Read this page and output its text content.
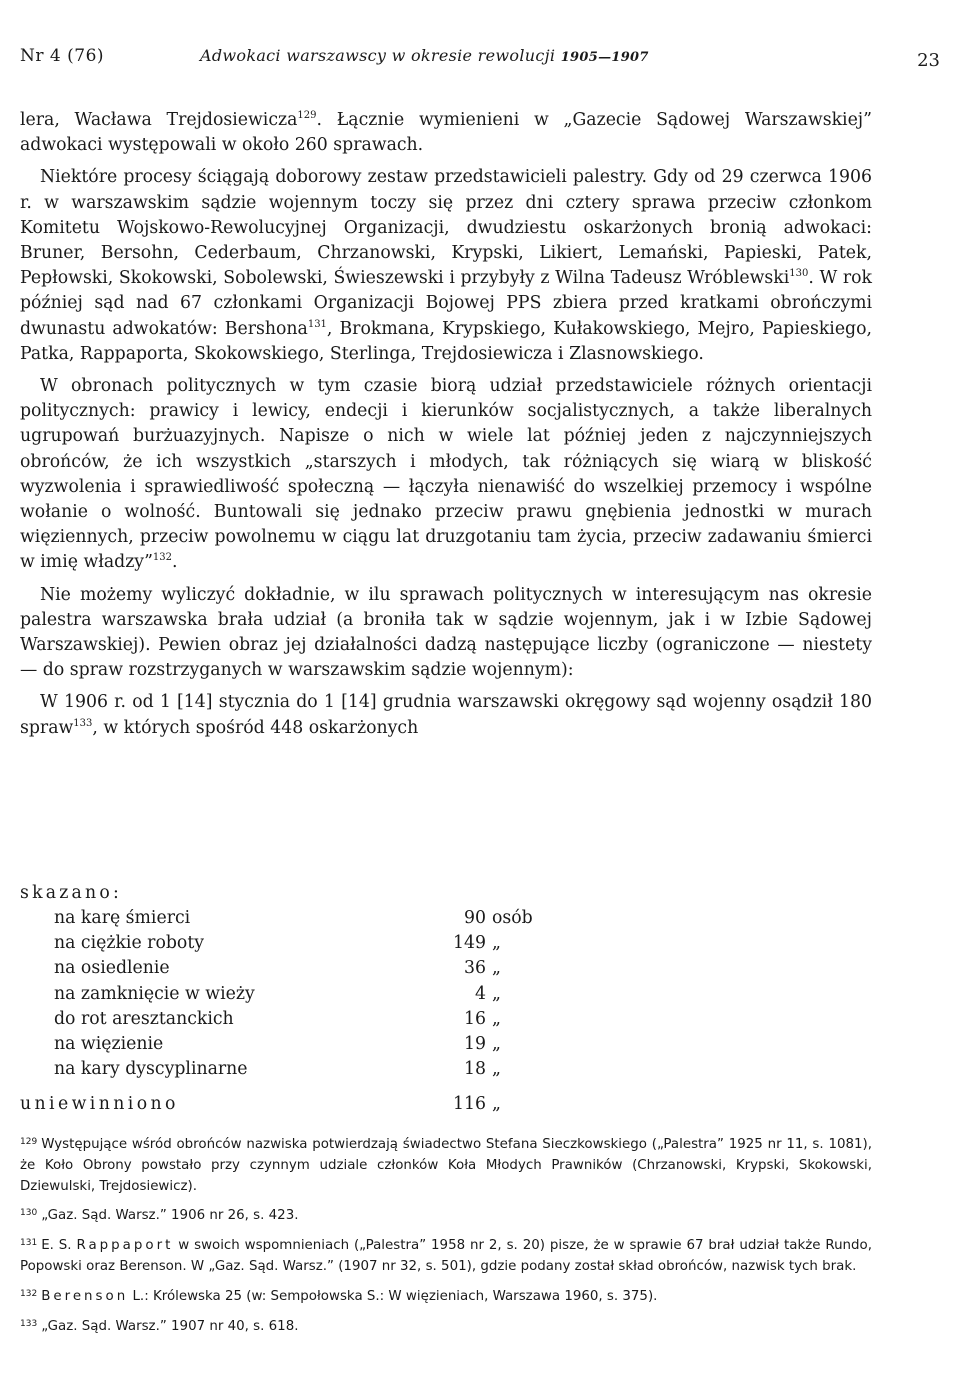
Nr 4 (76)	Adwokaci warszawscy w okresie rewolucji 1905—1907	23

lera, Wacława Trejdosiewicza$^{129}$. Łącznie wymienieni w „Gazecie Sądowej Warszawskiej” adwokaci występowali w około 260 sprawach.

Niektóre procesy ściągają doborowy zestaw przedstawicieli palestry. Gdy od 29 czerwca 1906 r. w warszawskim sądzie wojennym toczy się przez dni cztery sprawa przeciw członkom Komitetu Wojskowo-Rewolucyjnej Organizacji, dwudziestu oskarżonych bronią adwokaci: Bruner, Bersohn, Cederbaum, Chrzanowski, Krypski, Likiert, Lemański, Papieski, Patek, Pepłowski, Skokowski, Sobolewski, Świeszewski i przybyły z Wilna Tadeusz Wróblewski$^{130}$. W rok później sąd nad 67 członkami Organizacji Bojowej PPS zbiera przed kratkami obrończymi dwunastu adwokatów: Bershona$^{131}$, Brokmana, Krypskiego, Kułakowskiego, Mejro, Papieskiego, Patka, Rappaporta, Skokowskiego, Sterlinga, Trejdosiewicza i Zlasnowskiego.

W obronach politycznych w tym czasie biorą udział przedstawiciele różnych orientacji politycznych: prawicy i lewicy, endecji i kierunków socjalistycznych, a także liberalnych ugrupowań burżuazyjnych. Napisze o nich w wiele lat później jeden z najczynniejszych obrońców, że ich wszystkich „starszych i młodych, tak różniących się wiarą w bliskość wyzwolenia i sprawiedliwość społeczną — łączyła nienawiść do wszelkiej przemocy i wspólne wołanie o wolność. Buntowali się jednako przeciw prawu gnębienia jednostki w murach więziennych, przeciw powolnemu w ciągu lat druzgotaniu tam życia, przeciw zadawaniu śmierci w imię władzy”$^{132}$.

Nie możemy wyliczyć dokładnie, w ilu sprawach politycznych w interesującym nas okresie palestra warszawska brała udział (a broniła tak w sądzie wojennym, jak i w Izbie Sądowej Warszawskiej). Pewien obraz jej działalności dadzą następujące liczby (ograniczone — niestety — do spraw rozstrzyganych w warszawskim sądzie wojennym):

W 1906 r. od 1 [14] stycznia do 1 [14] grudnia warszawski okręgowy sąd wojenny osądził 180 spraw$^{133}$, w których spośród 448 oskarżonych

skazano:
na karę śmierci	90 osób
na ciężkie roboty	149 „
na osiedlenie	36 „
na zamknięcie w wieży	4 „
do rot aresztanckich	16 „
na więzienie	19 „
na kary dyscyplinarne	18 „
uniewinniono	116 „

$^{129}$ Występujące wśród obrońców nazwiska potwierdzają świadectwo Stefana Sieczkowskiego („Palestra” 1925 nr 11, s. 1081), że Koło Obrony powstało przy czynnym udziale członków Koła Młodych Prawników (Chrzanowski, Krypski, Skokowski, Dziewulski, Trejdosiewicz).

$^{130}$ „Gaz. Sąd. Warsz.” 1906 nr 26, s. 423.

$^{131}$ E. S. Rappaport w swoich wspomnieniach („Palestra” 1958 nr 2, s. 20) pisze, że w sprawie 67 brał udział także Rundo, Popowski oraz Berenson. W „Gaz. Sąd. Warsz.” (1907 nr 32, s. 501), gdzie podany został skład obrońców, nazwisk tych brak.

$^{132}$ Berenson L.: Królewska 25 (w: Sempołowska S.: W więzieniach, Warszawa 1960, s. 375).

$^{133}$ „Gaz. Sąd. Warsz.” 1907 nr 40, s. 618.
